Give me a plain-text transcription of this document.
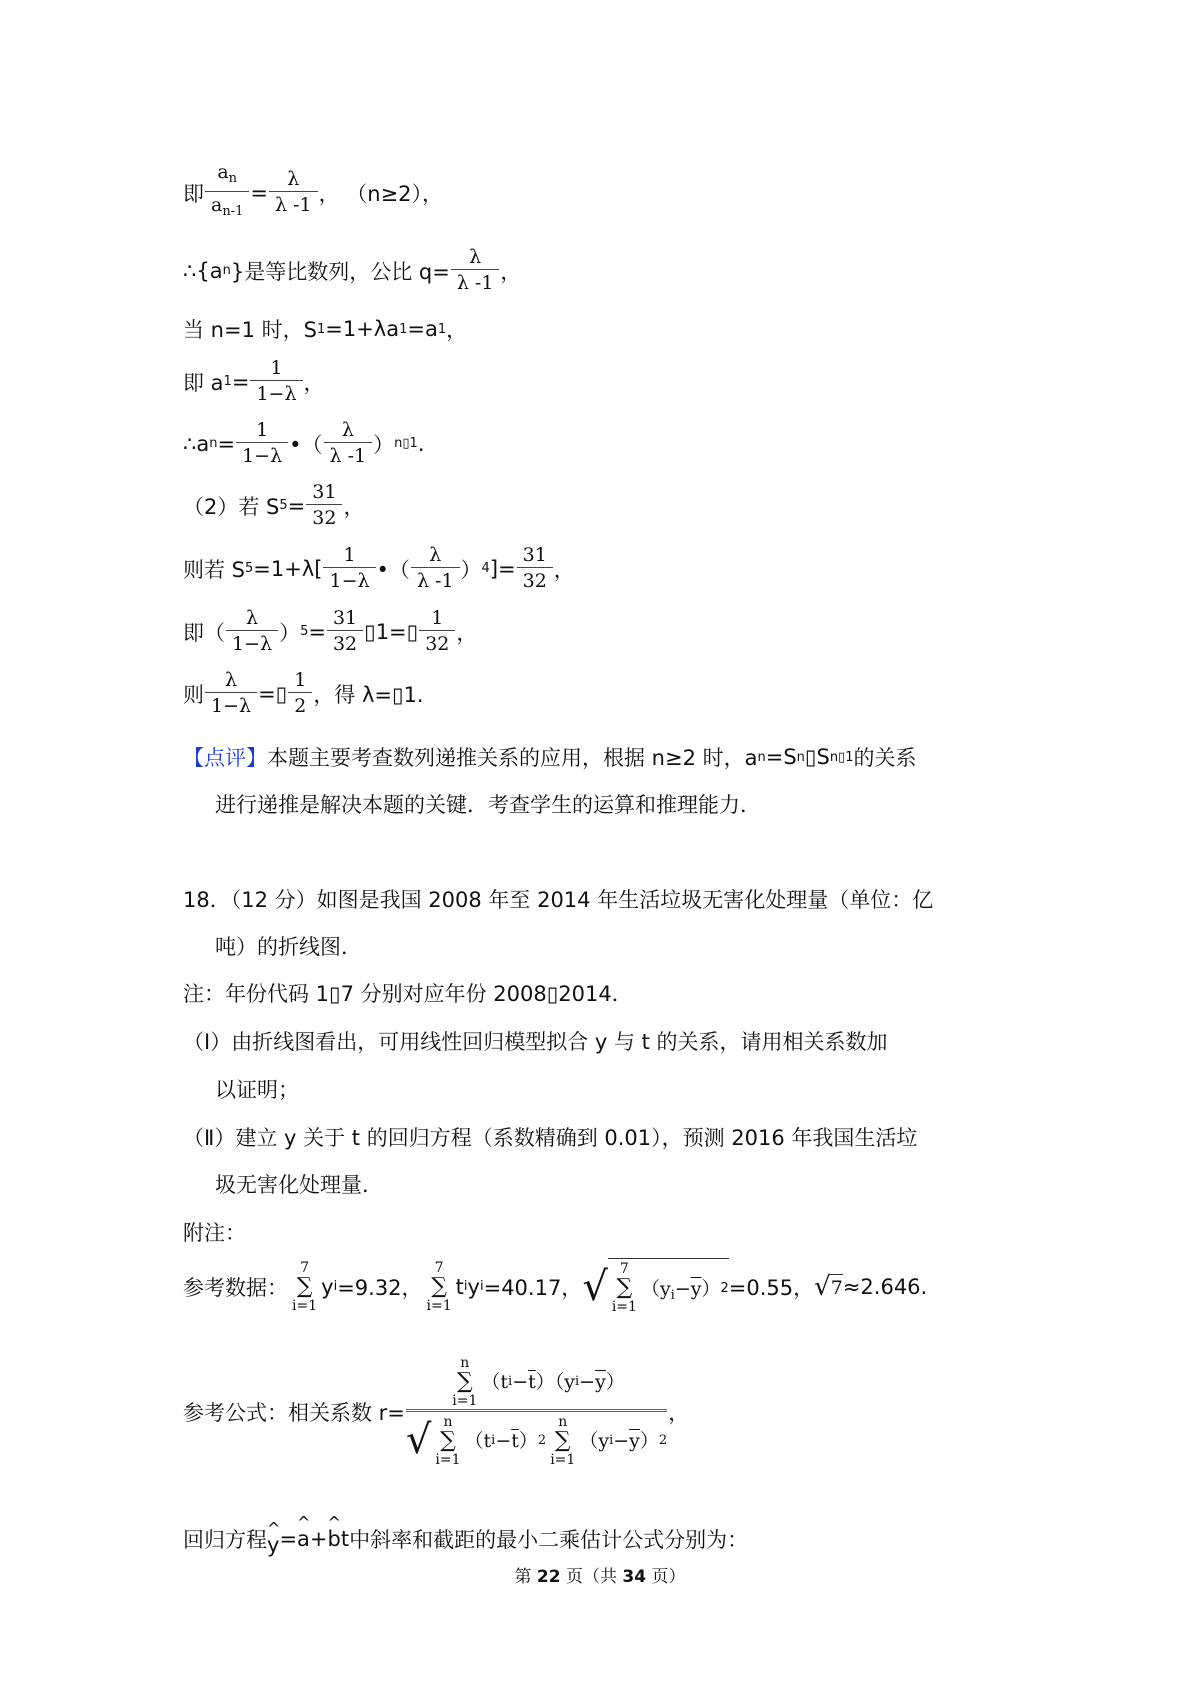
即 $\frac{a_n}{a_{n-1}} = \frac{\lambda}{\lambda -1}$ ， （n≥2），
∴{a n }是等比数列，公比 $q= \frac{\lambda}{\lambda -1}$ ，
当 n=1 时，S 1 =1+λa 1 =a 1 ，
即 a $1 = \frac{1}{1-\lambda}$ ，
∴a $n = \frac{1}{1-\lambda}$ •（ $\frac{\lambda}{\lambda -1}$ ） n▯1 .
（2）若 S $5 = \frac{31}{32}$ ，
则若 S $5 =1+\lambda[ \frac{1}{1-\lambda}$ •（ $\frac{\lambda}{\lambda -1}$ ） 4 ]= $\frac{31}{32}$ ，
即（ $\frac{\lambda}{1-\lambda}$ ） $5 = \frac{31}{32}$ ▯1=▯ $\frac{1}{32}$ ，
则 $\frac{\lambda}{1-\lambda}$ =▯ $\frac{1}{2}$ ，得 λ=▯1.
【点评】 本题主要考查数列递推关系的应用，根据 n≥2 时，a n =S n ▯S n▯1 的关系
进行递推是解决本题的关键．考查学生的运算和推理能力．
18．（12 分）如图是我国 2008 年至 2014 年生活垃圾无害化处理量（单位：亿
吨）的折线图．
注：年份代码 1▯7 分别对应年份 2008▯2014．
（Ⅰ）由折线图看出，可用线性回归模型拟合 y 与 t 的关系，请用相关系数加
以证明；
（Ⅱ）建立 y 关于 t 的回归方程（系数精确到 0.01），预测 2016 年我国生活垃
圾无害化处理量．
附注：
参考数据：
7
∑
i=1
y i =9.32，
7
∑
i=1
t i y i =40.17， √ 7
∑
i=1
$(y_i-\overline{y})$ 2 =0.55， √ 7 ≈2.646.
参考公式：相关系数 r=
n
∑
i=1
（t $i - \overline{t}$ ）（y $i - \overline{y}$ ）
√ n
∑
i=1
（t $i - \overline{t}$ ） 2
n
∑
i=1
（y $i - \overline{y}$ ） 2
，
回归方程 ^ y = ^ a + ^ b t 中斜率和截距的最小二乘估计公式分别为：
第 22 页（共 34 页）
